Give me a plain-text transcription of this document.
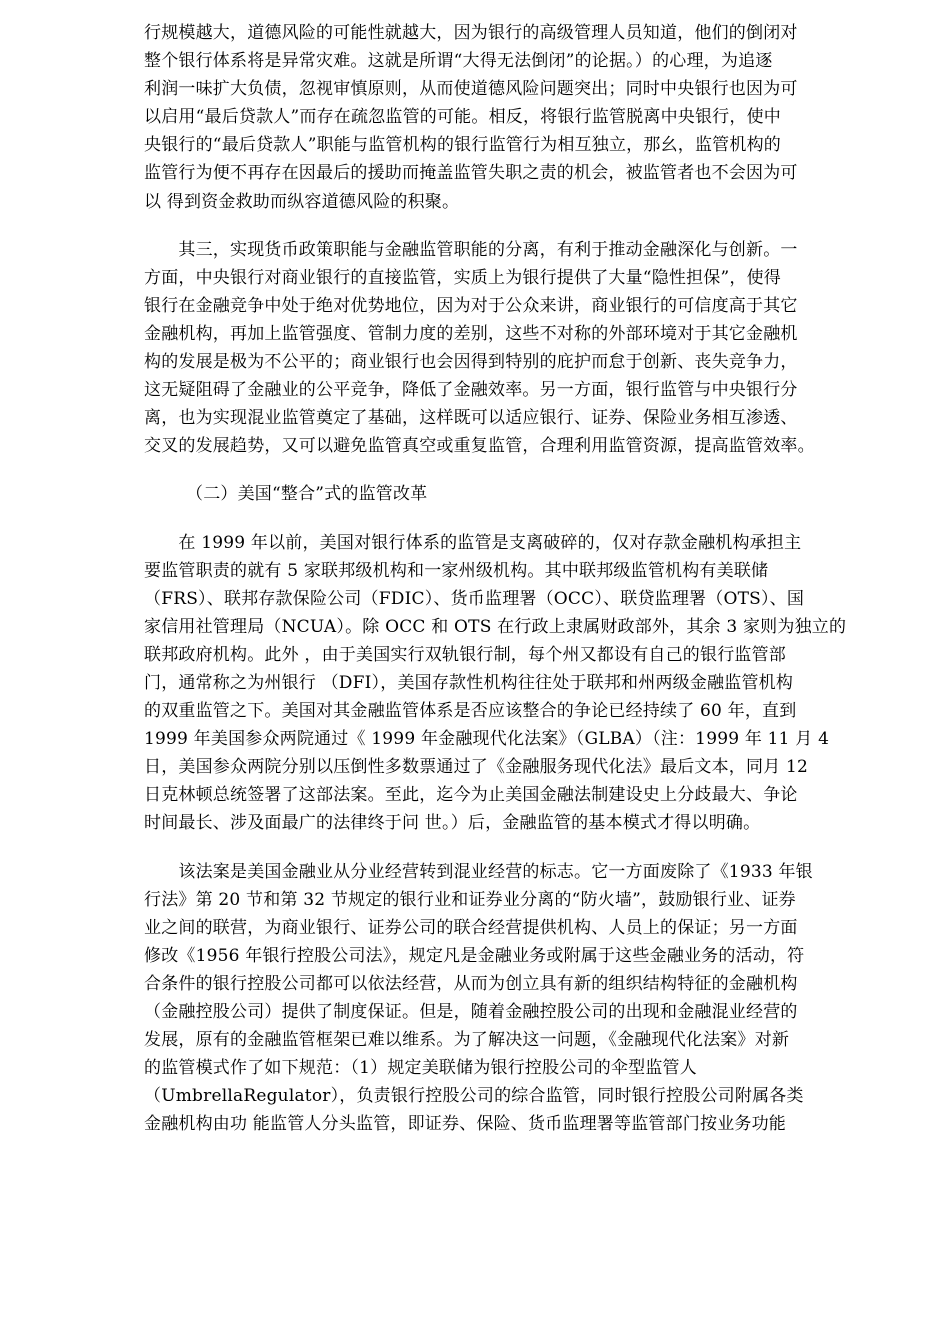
行规模越大，道德风险的可能性就越大，因为银行的高级管理人员知道，他们的倒闭对
整个银行体系将是异常灾难。这就是所谓“大得无法倒闭”的论据。）的心理，为追逐
利润一味扩大负债，忽视审慎原则，从而使道德风险问题突出；同时中央银行也因为可
以启用“最后贷款人”而存在疏忽监管的可能。相反，将银行监管脱离中央银行，使中
央银行的“最后贷款人”职能与监管机构的银行监管行为相互独立，那幺，监管机构的
监管行为便不再存在因最后的援助而掩盖监管失职之责的机会，被监管者也不会因为可
以 得到资金救助而纵容道德风险的积聚。
　　其三，实现货币政策职能与金融监管职能的分离，有利于推动金融深化与创新。一
方面，中央银行对商业银行的直接监管，实质上为银行提供了大量“隐性担保”，使得
银行在金融竞争中处于绝对优势地位，因为对于公众来讲，商业银行的可信度高于其它
金融机构，再加上监管强度、管制力度的差别，这些不对称的外部环境对于其它金融机
构的发展是极为不公平的；商业银行也会因得到特别的庇护而怠于创新、丧失竞争力，
这无疑阻碍了金融业的公平竞争，降低了金融效率。另一方面，银行监管与中央银行分
离，也为实现混业监管奠定了基础，这样既可以适应银行、证券、保险业务相互渗透、
交叉的发展趋势，又可以避免监管真空或重复监管，合理利用监管资源，提高监管效率。
（二）美国“整合”式的监管改革
　　在 1999 年以前，美国对银行体系的监管是支离破碎的，仅对存款金融机构承担主
要监管职责的就有 5 家联邦级机构和一家州级机构。其中联邦级监管机构有美联储
（FRS）、联邦存款保险公司（FDIC）、货币监理署（OCC）、联贷监理署（OTS）、国
家信用社管理局（NCUA）。除 OCC 和 OTS 在行政上隶属财政部外，其余 3 家则为独立的
联邦政府机构。此外 ，由于美国实行双轨银行制，每个州又都设有自己的银行监管部
门，通常称之为州银行 （DFI），美国存款性机构往往处于联邦和州两级金融监管机构
的双重监管之下。美国对其金融监管体系是否应该整合的争论已经持续了 60 年，直到
1999 年美国参众两院通过《 1999 年金融现代化法案》（GLBA）（注：1999 年 11 月 4
日，美国参众两院分别以压倒性多数票通过了《金融服务现代化法》最后文本，同月 12
日克林顿总统签署了这部法案。至此，迄今为止美国金融法制建设史上分歧最大、争论
时间最长、涉及面最广的法律终于问 世。）后，金融监管的基本模式才得以明确。
　　该法案是美国金融业从分业经营转到混业经营的标志。它一方面废除了《1933 年银
行法》第 20 节和第 32 节规定的银行业和证券业分离的“防火墙”，鼓励银行业、证券
业之间的联营，为商业银行、证券公司的联合经营提供机构、人员上的保证；另一方面
修改《1956 年银行控股公司法》，规定凡是金融业务或附属于这些金融业务的活动，符
合条件的银行控股公司都可以依法经营，从而为创立具有新的组织结构特征的金融机构
（金融控股公司）提供了制度保证。但是，随着金融控股公司的出现和金融混业经营的
发展，原有的金融监管框架已难以维系。为了解决这一问题，《金融现代化法案》对新
的监管模式作了如下规范：（1）规定美联储为银行控股公司的伞型监管人
（UmbrellaRegulator），负责银行控股公司的综合监管，同时银行控股公司附属各类
金融机构由功 能监管人分头监管，即证券、保险、货币监理署等监管部门按业务功能
